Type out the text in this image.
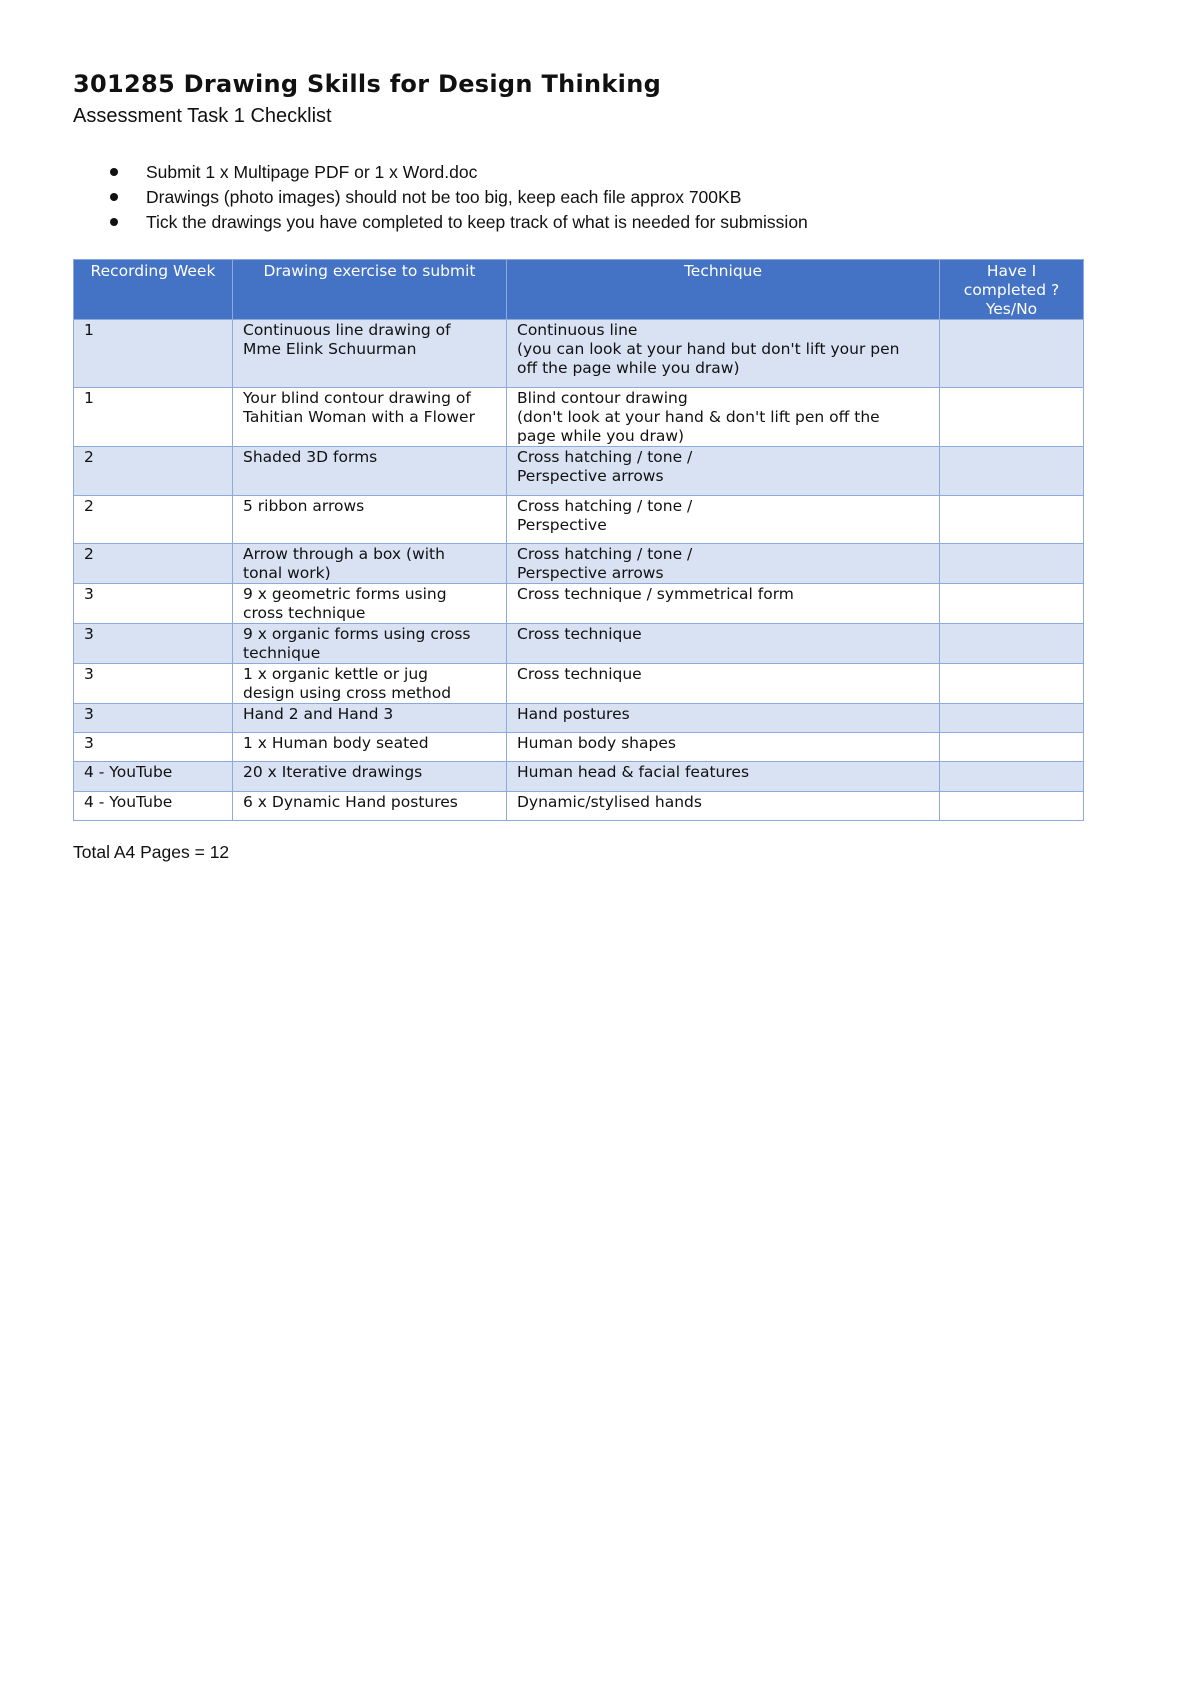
301285 Drawing Skills for Design Thinking
Assessment Task 1 Checklist
Submit 1 x Multipage PDF or 1 x Word.doc
Drawings (photo images) should not be too big, keep each file approx 700KB
Tick the drawings you have completed to keep track of what is needed for submission
Recording Week	Drawing exercise to submit	Technique	Have I
completed ?
Yes/No
1	Continuous line drawing of
Mme Elink Schuurman	Continuous line
(you can look at your hand but don't lift your pen
off the page while you draw)	
1	Your blind contour drawing of
Tahitian Woman with a Flower	Blind contour drawing
(don't look at your hand & don't lift pen off the
page while you draw)	
2	Shaded 3D forms	Cross hatching / tone /
Perspective arrows	
2	5 ribbon arrows	Cross hatching / tone /
Perspective	
2	Arrow through a box (with
tonal work)	Cross hatching / tone /
Perspective arrows	
3	9 x geometric forms using
cross technique	Cross technique / symmetrical form	
3	9 x organic forms using cross
technique	Cross technique	
3	1 x organic kettle or jug
design using cross method	Cross technique	
3	Hand 2 and Hand 3	Hand postures	
3	1 x Human body seated	Human body shapes	
4 - YouTube	20 x Iterative drawings	Human head & facial features	
4 - YouTube	6 x Dynamic Hand postures	Dynamic/stylised hands	
Total A4 Pages = 12
